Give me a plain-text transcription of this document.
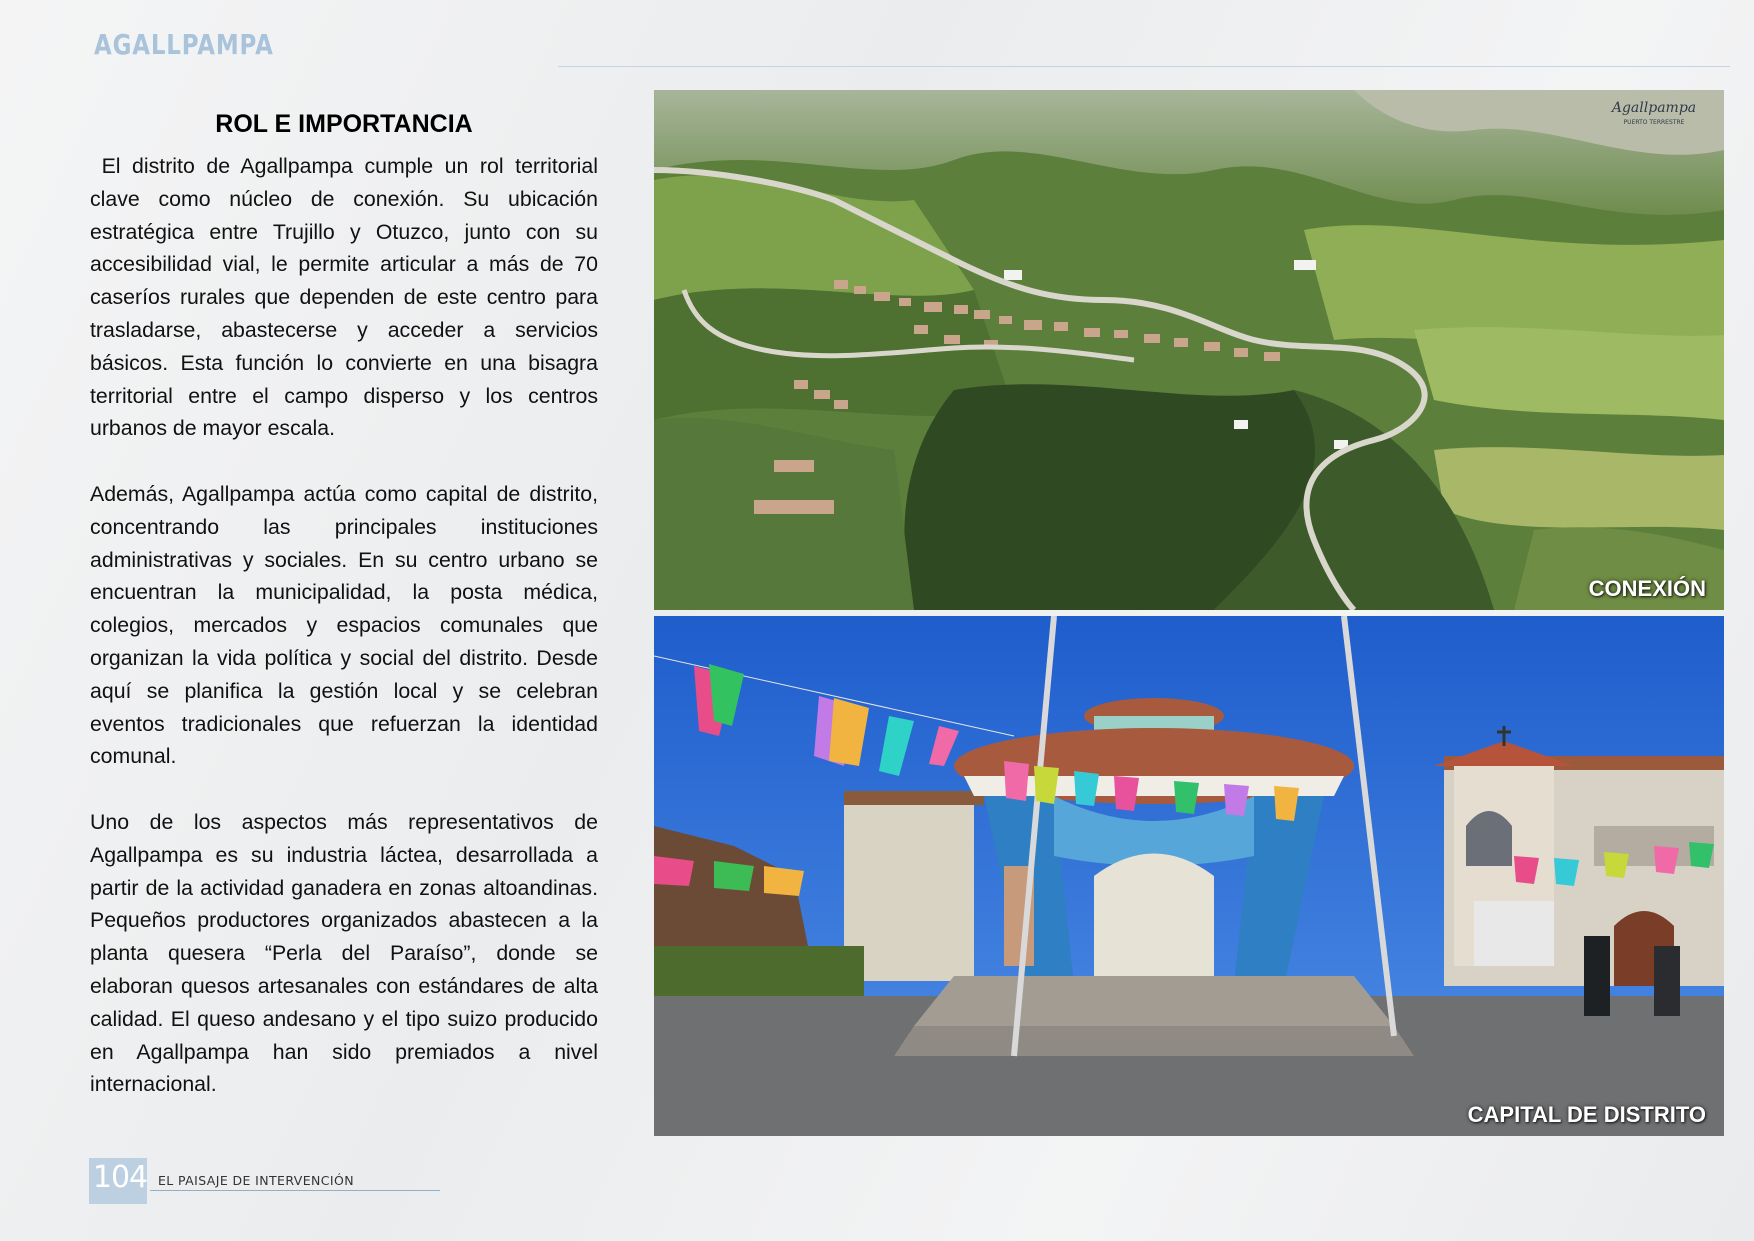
AGALLPAMPA
ROL E IMPORTANCIA

El distrito de Agallpampa cumple un rol territorial clave como núcleo de conexión. Su ubicación estratégica entre Trujillo y Otuzco, junto con su accesibilidad vial, le permite articular a más de 70 caseríos rurales que dependen de este centro para trasladarse, abastecerse y acceder a servicios básicos. Esta función lo convierte en una bisagra territorial entre el campo disperso y los centros urbanos de mayor escala.

Además, Agallpampa actúa como capital de distrito, concentrando las principales instituciones administrativas y sociales. En su centro urbano se encuentran la municipalidad, la posta médica, colegios, mercados y espacios comunales que organizan la vida política y social del distrito. Desde aquí se planifica la gestión local y se celebran eventos tradicionales que refuerzan la identidad comunal.

Uno de los aspectos más representativos de Agallpampa es su industria láctea, desarrollada a partir de la actividad ganadera en zonas altoandinas. Pequeños productores organizados abastecen a la planta quesera “Perla del Paraíso”, donde se elaboran quesos artesanales con estándares de alta calidad. El queso andesano y el tipo suizo producido en Agallpampa han sido premiados a nivel internacional.

Agallpampa
PUERTO TERRESTRE
CONEXIÓN
CAPITAL DE DISTRITO
104 EL PAISAJE DE INTERVENCIÓN
